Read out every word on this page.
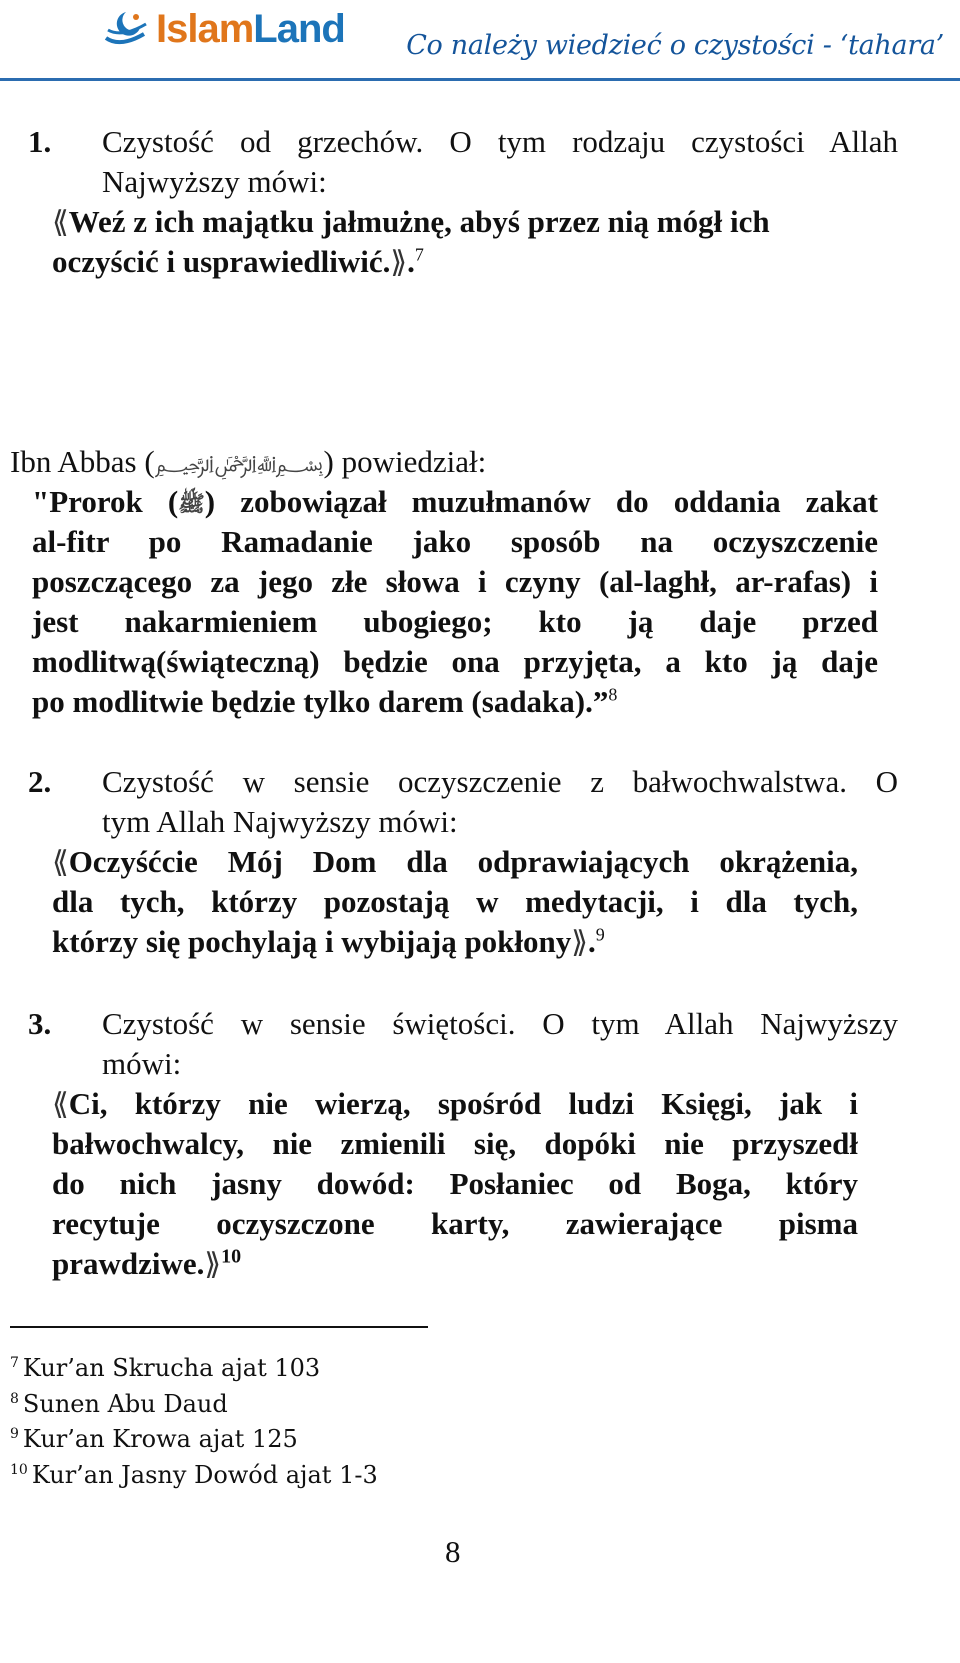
IslamLand Co należy wiedzieć o czystości - ‘tahara’
1. Czystość od grzechów. O tym rodzaju czystości Allah
Najwyższy mówi:
⟪Weź z ich majątku jałmużnę, abyś przez nią mógł ich
oczyścić i usprawiedliwić.⟫.$^7$
Ibn Abbas (﷽) powiedział:
"Prorok (ﷺ) zobowiązał muzułmanów do oddania zakat
al-fitr po Ramadanie jako sposób na oczyszczenie
poszczącego za jego złe słowa i czyny (al-laghł, ar-rafas) i
jest nakarmieniem ubogiego; kto ją daje przed
modlitwą(świąteczną) będzie ona przyjęta, a kto ją daje
po modlitwie będzie tylko darem (sadaka).”$^8$
2. Czystość w sensie oczyszczenie z bałwochwalstwa. O
tym Allah Najwyższy mówi:
⟪Oczyśćcie Mój Dom dla odprawiających okrążenia,
dla tych, którzy pozostają w medytacji, i dla tych,
którzy się pochylają i wybijają pokłony⟫.$^9$
3. Czystość w sensie świętości. O tym Allah Najwyższy
mówi:
⟪Ci, którzy nie wierzą, spośród ludzi Księgi, jak i
bałwochwalcy, nie zmienili się, dopóki nie przyszedł
do nich jasny dowód: Posłaniec od Boga, który
recytuje oczyszczone karty, zawierające pisma
prawdziwe.⟫$^{10}$
$^7$ Kur’an Skrucha ajat 103
$^8$ Sunen Abu Daud
$^9$ Kur’an Krowa ajat 125
$^{10}$ Kur’an Jasny Dowód ajat 1-3
8
